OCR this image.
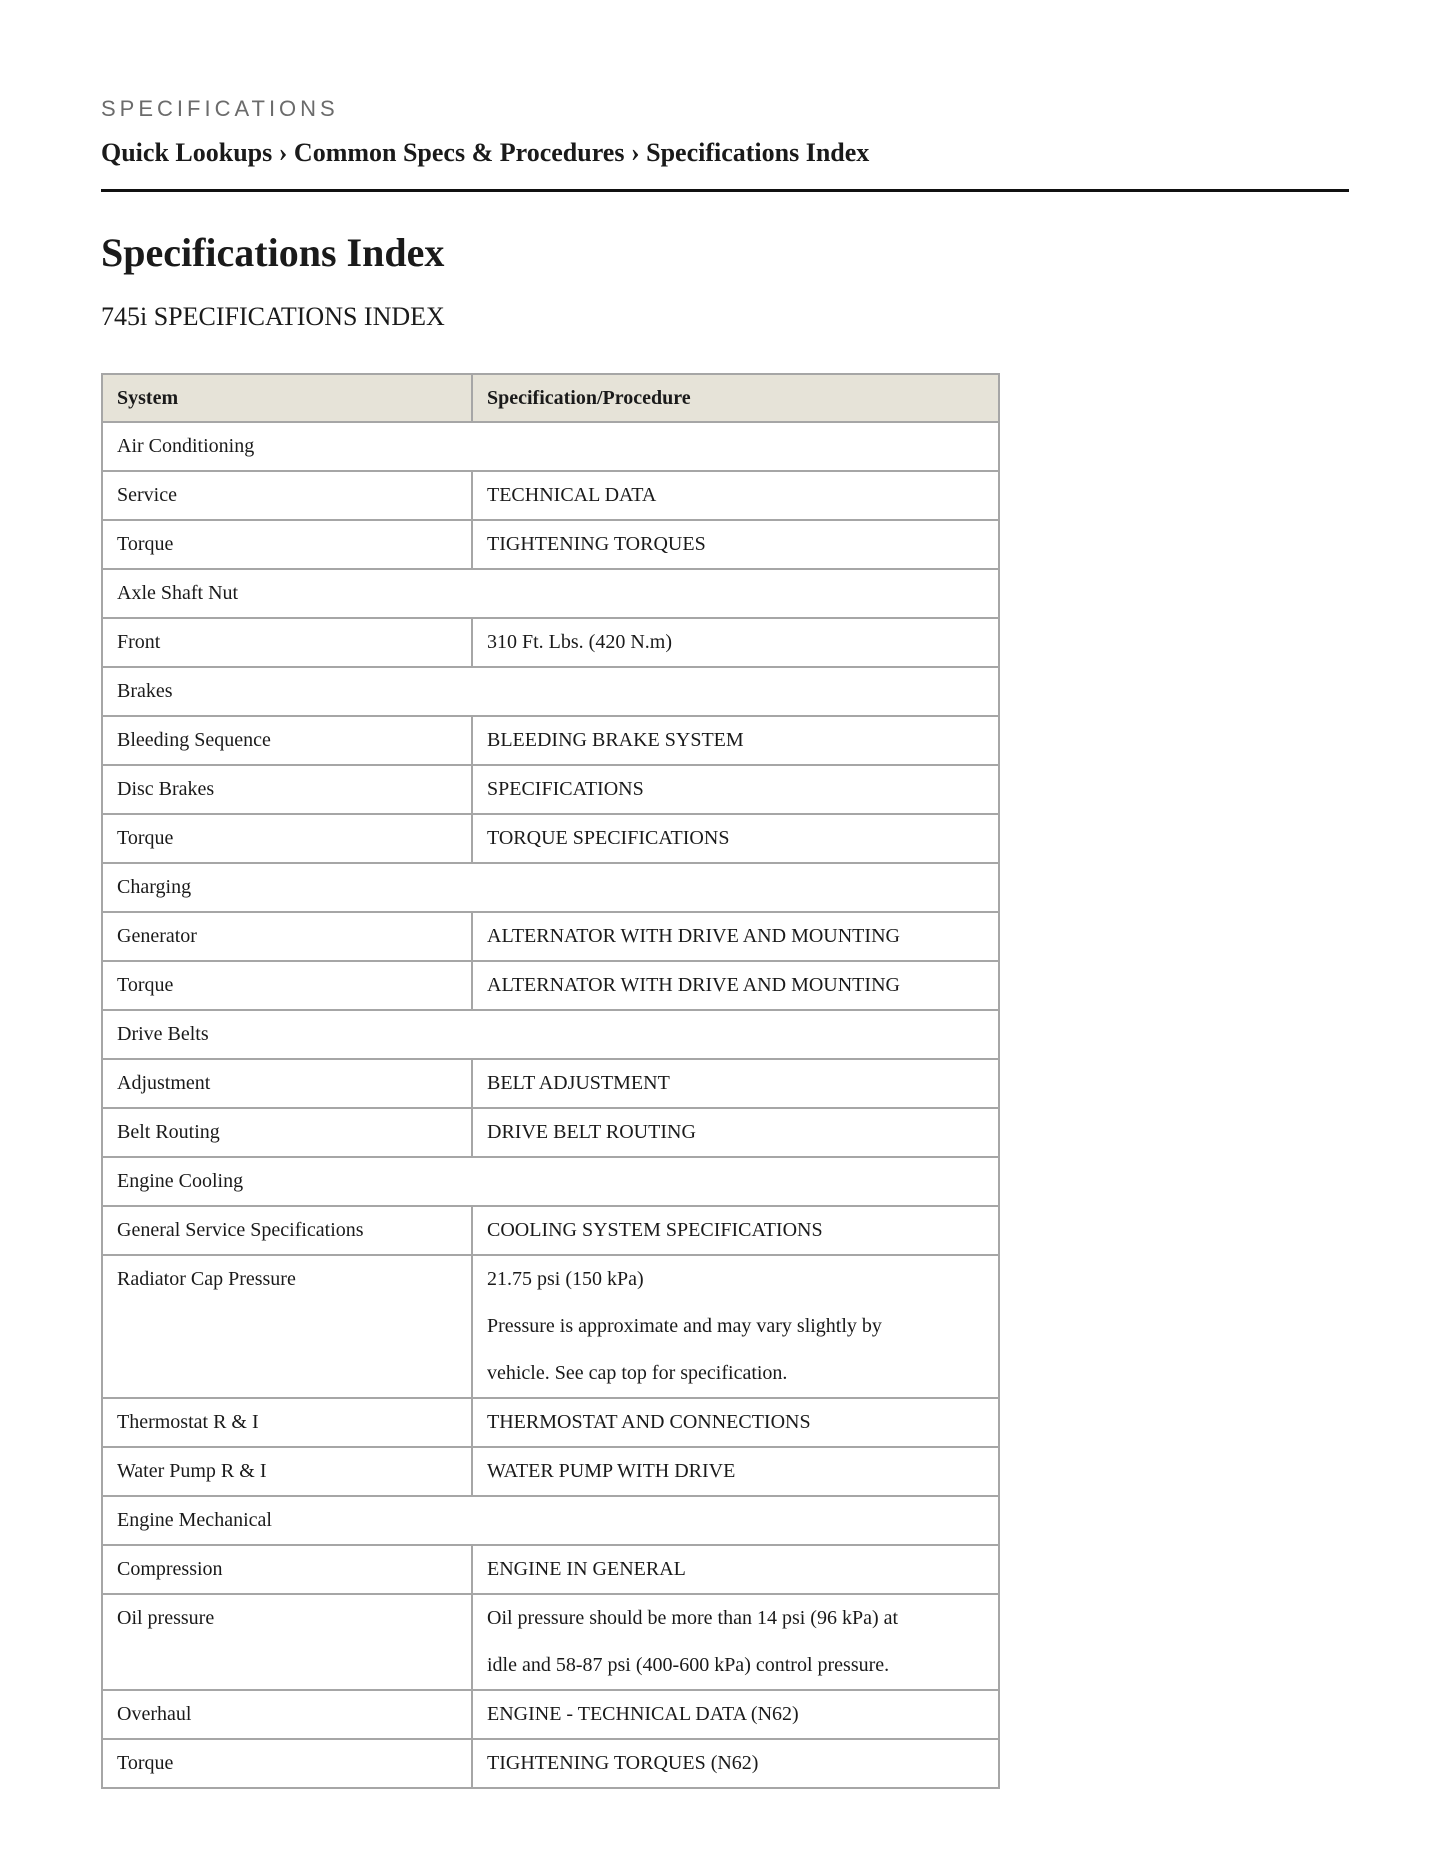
SPECIFICATIONS
Quick Lookups › Common Specs & Procedures › Specifications Index
Specifications Index
745i SPECIFICATIONS INDEX
System	Specification/Procedure
Air Conditioning	
Service	TECHNICAL DATA

Torque	TIGHTENING TORQUES

Axle Shaft Nut	
Front	310 Ft. Lbs. (420 N.m)

Brakes	
Bleeding Sequence	BLEEDING BRAKE SYSTEM

Disc Brakes	SPECIFICATIONS

Torque	TORQUE SPECIFICATIONS

Charging	
Generator	ALTERNATOR WITH DRIVE AND MOUNTING

Torque	ALTERNATOR WITH DRIVE AND MOUNTING

Drive Belts	
Adjustment	BELT ADJUSTMENT

Belt Routing	DRIVE BELT ROUTING

Engine Cooling	
General Service Specifications	COOLING SYSTEM SPECIFICATIONS

Radiator Cap Pressure	21.75 psi (150 kPa)
Pressure is approximate and may vary slightly by
vehicle. See cap top for specification.

Thermostat R & I	THERMOSTAT AND CONNECTIONS

Water Pump R & I	WATER PUMP WITH DRIVE

Engine Mechanical	
Compression	ENGINE IN GENERAL

Oil pressure	Oil pressure should be more than 14 psi (96 kPa) at
idle and 58-87 psi (400-600 kPa) control pressure.

Overhaul	ENGINE - TECHNICAL DATA (N62)

Torque	TIGHTENING TORQUES (N62)
